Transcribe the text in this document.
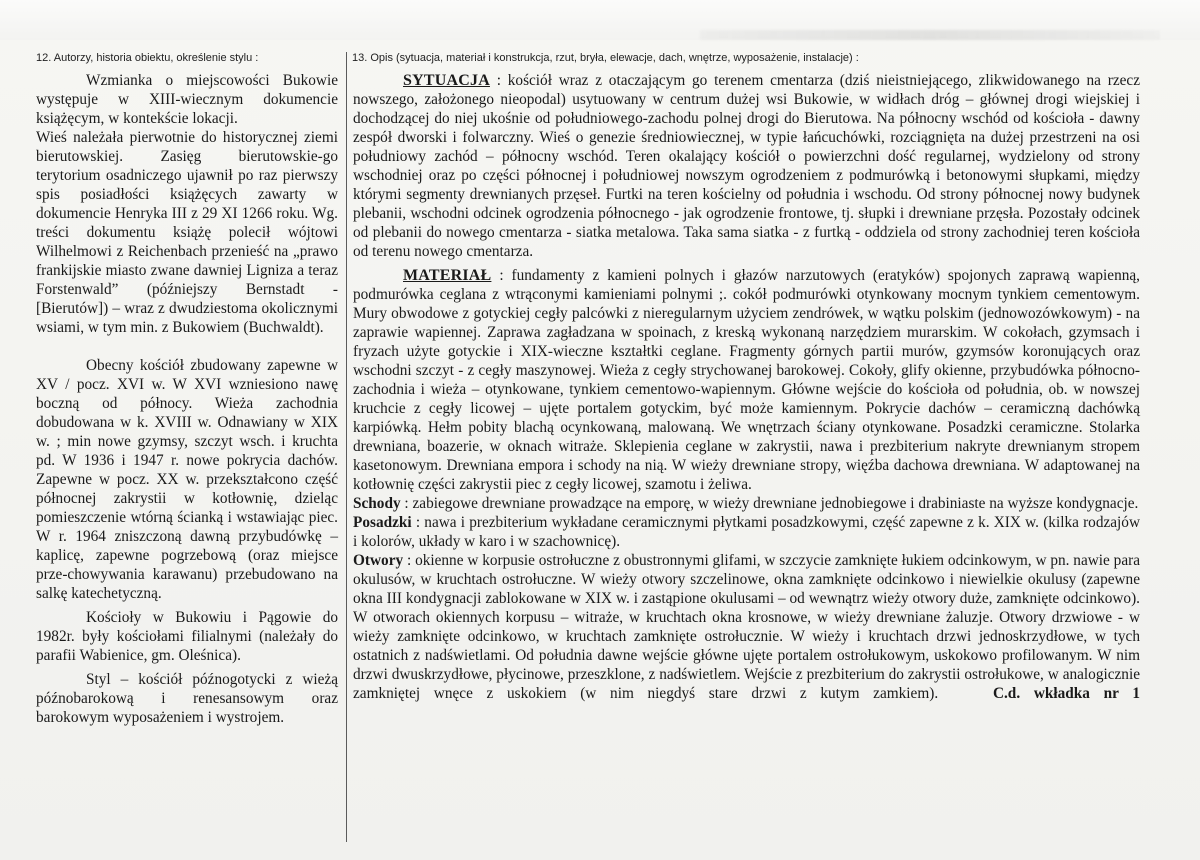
12. Autorzy, historia obiektu, określenie stylu :	13. Opis (sytuacja, materiał i konstrukcja, rzut, bryła, elewacje, dach, wnętrze, wyposażenie, instalacje) :

Wzmianka o miejscowości Bukowie występuje w XIII-wiecznym dokumencie książęcym, w kontekście lokacji.

Wieś należała pierwotnie do historycznej ziemi bierutowskiej. Zasięg bierutowskie-go terytorium osadniczego ujawnił po raz pierwszy spis posiadłości książęcych zawarty w dokumencie Henryka III z 29 XI 1266 roku. Wg. treści dokumentu książę polecił wójtowi Wilhelmowi z Reichenbach przenieść na „prawo frankijskie miasto zwane dawniej Ligniza a teraz Forstenwald” (późniejszy Bernstadt - [Bierutów]) – wraz z dwudziestoma okolicznymi wsiami, w tym min. z Bukowiem (Buchwaldt).

Obecny kościół zbudowany zapewne w XV / pocz. XVI w. W XVI wzniesiono nawę boczną od północy. Wieża zachodnia dobudowana w k. XVIII w. Odnawiany w XIX w. ; min nowe gzymsy, szczyt wsch. i kruchta pd. W 1936 i 1947 r. nowe pokrycia dachów. Zapewne w pocz. XX w. przekształcono część północnej zakrystii w kotłownię, dzieląc pomieszczenie wtórną ścianką i wstawiając piec. W r. 1964 zniszczoną dawną przybudówkę – kaplicę, zapewne pogrzebową (oraz miejsce prze-chowywania karawanu) przebudowano na salkę katechetyczną.

Kościoły w Bukowiu i Pągowie do 1982r. były kościołami filialnymi (należały do parafii Wabienice, gm. Oleśnica).

Styl – kościół późnogotycki z wieżą późnobarokową i renesansowym oraz barokowym wyposażeniem i wystrojem.

SYTUACJA : kościół wraz z otaczającym go terenem cmentarza (dziś nieistniejącego, zlikwidowanego na rzecz nowszego, założonego nieopodal) usytuowany w centrum dużej wsi Bukowie, w widłach dróg – głównej drogi wiejskiej i dochodzącej do niej ukośnie od południowego-zachodu polnej drogi do Bierutowa. Na północny wschód od kościoła - dawny zespół dworski i folwarczny. Wieś o genezie średniowiecznej, w typie łańcuchówki, rozciągnięta na dużej przestrzeni na osi południowy zachód – północny wschód. Teren okalający kościół o powierzchni dość regularnej, wydzielony od strony wschodniej oraz po części północnej i południowej nowszym ogrodzeniem z podmurówką i betonowymi słupkami, między którymi segmenty drewnianych przęseł. Furtki na teren kościelny od południa i wschodu. Od strony północnej nowy budynek plebanii, wschodni odcinek ogrodzenia północnego - jak ogrodzenie frontowe, tj. słupki i drewniane przęsła. Pozostały odcinek od plebanii do nowego cmentarza - siatka metalowa. Taka sama siatka - z furtką - oddziela od strony zachodniej teren kościoła od terenu nowego cmentarza.

MATERIAŁ : fundamenty z kamieni polnych i głazów narzutowych (eratyków) spojonych zaprawą wapienną, podmurówka ceglana z wtrąconymi kamieniami polnymi ;. cokół podmurówki otynkowany mocnym tynkiem cementowym. Mury obwodowe z gotyckiej cegły palcówki z nieregularnym użyciem zendrówek, w wątku polskim (jednowozówkowym) - na zaprawie wapiennej. Zaprawa zagładzana w spoinach, z kreską wykonaną narzędziem murarskim. W cokołach, gzymsach i fryzach użyte gotyckie i XIX-wieczne kształtki ceglane. Fragmenty górnych partii murów, gzymsów koronujących oraz wschodni szczyt - z cegły maszynowej. Wieża z cegły strychowanej barokowej. Cokoły, glify okienne, przybudówka północno-zachodnia i wieża – otynkowane, tynkiem cementowo-wapiennym. Główne wejście do kościoła od południa, ob. w nowszej kruchcie z cegły licowej – ujęte portalem gotyckim, być może kamiennym. Pokrycie dachów – ceramiczną dachówką karpiówką. Hełm pobity blachą ocynkowaną, malowaną. We wnętrzach ściany otynkowane. Posadzki ceramiczne. Stolarka drewniana, boazerie, w oknach witraże. Sklepienia ceglane w zakrystii, nawa i prezbiterium nakryte drewnianym stropem kasetonowym. Drewniana empora i schody na nią. W wieży drewniane stropy, więźba dachowa drewniana. W adaptowanej na kotłownię części zakrystii piec z cegły licowej, szamotu i żeliwa.

Schody : zabiegowe drewniane prowadzące na emporę, w wieży drewniane jednobiegowe i drabiniaste na wyższe kondygnacje.

Posadzki : nawa i prezbiterium wykładane ceramicznymi płytkami posadzkowymi, część zapewne z k. XIX w. (kilka rodzajów i kolorów, układy w karo i w szachownicę).

Otwory : okienne w korpusie ostrołuczne z obustronnymi glifami, w szczycie zamknięte łukiem odcinkowym, w pn. nawie para okulusów, w kruchtach ostrołuczne. W wieży otwory szczelinowe, okna zamknięte odcinkowo i niewielkie okulusy (zapewne okna III kondygnacji zablokowane w XIX w. i zastąpione okulusami – od wewnątrz wieży otwory duże, zamknięte odcinkowo). W otworach okiennych korpusu – witraże, w kruchtach okna krosnowe, w wieży drewniane żaluzje. Otwory drzwiowe - w wieży zamknięte odcinkowo, w kruchtach zamknięte ostrołucznie. W wieży i kruchtach drzwi jednoskrzydłowe, w tych ostatnich z nadświetlami. Od południa dawne wejście główne ujęte portalem ostrołukowym, uskokowo profilowanym. W nim drzwi dwuskrzydłowe, płycinowe, przeszklone, z nadświetlem. Wejście z prezbiterium do zakrystii ostrołukowe, w analogicznie zamkniętej wnęce z uskokiem (w nim niegdyś stare drzwi z kutym zamkiem).	C.d. wkładka nr 1
